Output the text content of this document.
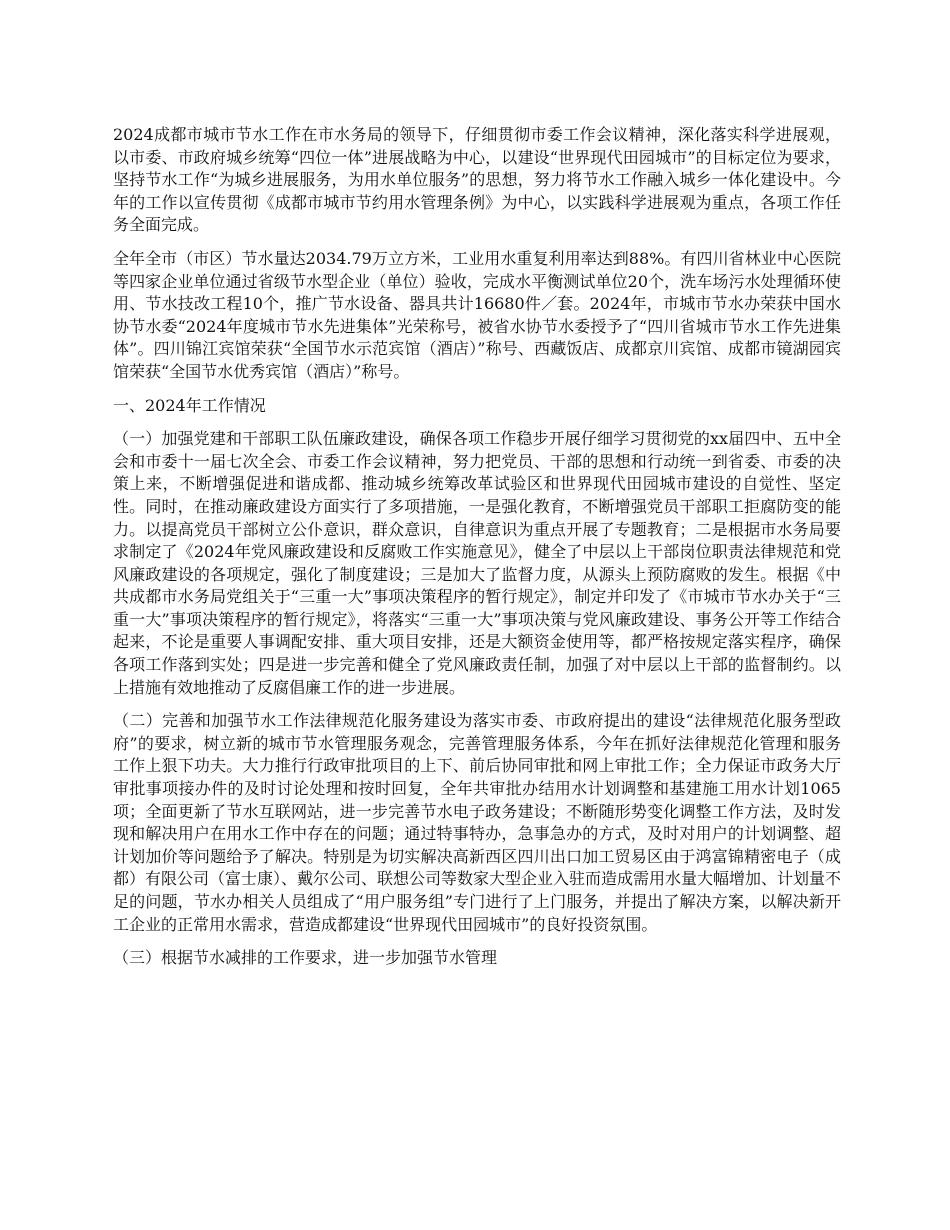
2024成都市城市节水工作在市水务局的领导下，仔细贯彻市委工作会议精神，深化落实科学进展观，以市委、市政府城乡统筹“四位一体”进展战略为中心，以建设“世界现代田园城市”的目标定位为要求，坚持节水工作“为城乡进展服务，为用水单位服务”的思想，努力将节水工作融入城乡一体化建设中。今年的工作以宣传贯彻《成都市城市节约用水管理条例》为中心，以实践科学进展观为重点，各项工作任务全面完成。

全年全市（市区）节水量达2034.79万立方米，工业用水重复利用率达到88%。有四川省林业中心医院等四家企业单位通过省级节水型企业（单位）验收，完成水平衡测试单位20个，洗车场污水处理循环使用、节水技改工程10个，推广节水设备、器具共计16680件／套。2024年，市城市节水办荣获中国水协节水委“2024年度城市节水先进集体”光荣称号，被省水协节水委授予了“四川省城市节水工作先进集体”。四川锦江宾馆荣获“全国节水示范宾馆（酒店）”称号、西藏饭店、成都京川宾馆、成都市镜湖园宾馆荣获“全国节水优秀宾馆（酒店）”称号。

一、2024年工作情况

（一）加强党建和干部职工队伍廉政建设，确保各项工作稳步开展仔细学习贯彻党的xx届四中、五中全会和市委十一届七次全会、市委工作会议精神，努力把党员、干部的思想和行动统一到省委、市委的决策上来，不断增强促进和谐成都、推动城乡统筹改革试验区和世界现代田园城市建设的自觉性、坚定性。同时，在推动廉政建设方面实行了多项措施，一是强化教育，不断增强党员干部职工拒腐防变的能力。以提高党员干部树立公仆意识，群众意识，自律意识为重点开展了专题教育；二是根据市水务局要求制定了《2024年党风廉政建设和反腐败工作实施意见》，健全了中层以上干部岗位职责法律规范和党风廉政建设的各项规定，强化了制度建设；三是加大了监督力度，从源头上预防腐败的发生。根据《中共成都市水务局党组关于“三重一大”事项决策程序的暂行规定》，制定并印发了《市城市节水办关于“三重一大”事项决策程序的暂行规定》，将落实“三重一大”事项决策与党风廉政建设、事务公开等工作结合起来，不论是重要人事调配安排、重大项目安排，还是大额资金使用等，都严格按规定落实程序，确保各项工作落到实处；四是进一步完善和健全了党风廉政责任制，加强了对中层以上干部的监督制约。以上措施有效地推动了反腐倡廉工作的进一步进展。

（二）完善和加强节水工作法律规范化服务建设为落实市委、市政府提出的建设“法律规范化服务型政府”的要求，树立新的城市节水管理服务观念，完善管理服务体系，今年在抓好法律规范化管理和服务工作上狠下功夫。大力推行行政审批项目的上下、前后协同审批和网上审批工作；全力保证市政务大厅审批事项接办件的及时讨论处理和按时回复，全年共审批办结用水计划调整和基建施工用水计划1065项；全面更新了节水互联网站，进一步完善节水电子政务建设；不断随形势变化调整工作方法，及时发现和解决用户在用水工作中存在的问题；通过特事特办，急事急办的方式，及时对用户的计划调整、超计划加价等问题给予了解决。特别是为切实解决高新西区四川出口加工贸易区由于鸿富锦精密电子（成都）有限公司（富士康）、戴尔公司、联想公司等数家大型企业入驻而造成需用水量大幅增加、计划量不足的问题，节水办相关人员组成了“用户服务组”专门进行了上门服务，并提出了解决方案，以解决新开工企业的正常用水需求，营造成都建设“世界现代田园城市”的良好投资氛围。

（三）根据节水减排的工作要求，进一步加强节水管理
